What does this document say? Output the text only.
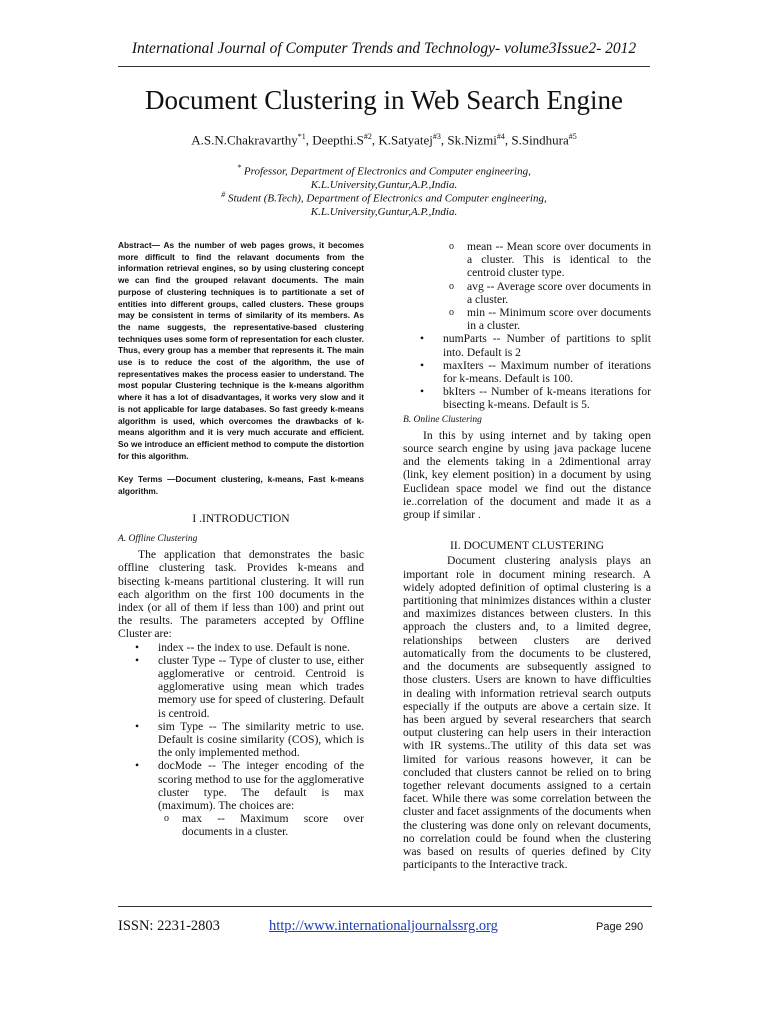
International Journal of Computer Trends and Technology- volume3Issue2- 2012
Document Clustering in Web Search Engine
A.S.N.Chakravarthy$^{*1}$, $Deepthi.S^{\#2}$, K.Satyatej$^{\#3}$, Sk.Nizmi$^{\#4}$, S.Sindhura$^{\#5}$
* Professor, Department of Electronics and Computer engineering,
K.L.University,Guntur,A.P.,India.
# Student (B.Tech), Department of Electronics and Computer engineering,
K.L.University,Guntur,A.P.,India.

Abstract— As the number of web pages grows, it becomes more difficult to find the relavant documents from the information retrieval engines, so by using clustering concept we can find the grouped relavant documents. The main purpose of clustering techniques is to partitionate a set of entities into different groups, called clusters. These groups may be consistent in terms of similarity of its members. As the name suggests, the representative-based clustering techniques uses some form of representation for each cluster. Thus, every group has a member that represents it. The main use is to reduce the cost of the algorithm, the use of representatives makes the process easier to understand. The most popular Clustering technique is the k-means algorithm where it has a lot of disadvantages, it works very slow and it is not applicable for large databases. So fast greedy k-means algorithm is used, which overcomes the drawbacks of k-means algorithm and it is very much accurate and efficient. So we introduce an efficient method to compute the distortion for this algorithm.

Key Terms —Document clustering, k-means, Fast k-means algorithm.

I .INTRODUCTION
A. Offline Clustering

The application that demonstrates the basic offline clustering task. Provides k-means and bisecting k-means partitional clustering. It will run each algorithm on the first 100 documents in the index (or all of them if less than 100) and print out the results. The parameters accepted by Offline Cluster are:

• index -- the index to use. Default is none.
• cluster Type -- Type of cluster to use, either agglomerative or centroid. Centroid is agglomerative using mean which trades memory use for speed of clustering. Default is centroid.
• sim Type -- The similarity metric to use. Default is cosine similarity (COS), which is the only implemented method.
• docMode -- The integer encoding of the scoring method to use for the agglomerative cluster type. The default is max (maximum). The choices are:
o max -- Maximum score over documents in a cluster.
o mean -- Mean score over documents in a cluster. This is identical to the centroid cluster type.
o avg -- Average score over documents in a cluster.
o min -- Minimum score over documents in a cluster.
• numParts -- Number of partitions to split into. Default is 2
• maxIters -- Maximum number of iterations for k-means. Default is 100.
• bkIters -- Number of k-means iterations for bisecting k-means. Default is 5.
B. Online Clustering

In this by using internet and by taking open source search engine by using java package lucene and the elements taking in a 2dimentional array (link, key element position) in a document by using Euclidean space model we find out the distance ie..correlation of the document and made it as a group if similar .

II. DOCUMENT CLUSTERING

Document clustering analysis plays an important role in document mining research. A widely adopted definition of optimal clustering is a partitioning that minimizes distances within a cluster and maximizes distances between clusters. In this approach the clusters and, to a limited degree, relationships between clusters are derived automatically from the documents to be clustered, and the documents are subsequently assigned to those clusters. Users are known to have difficulties in dealing with information retrieval search outputs especially if the outputs are above a certain size. It has been argued by several researchers that search output clustering can help users in their interaction with IR systems..The utility of this data set was limited for various reasons however, it can be concluded that clusters cannot be relied on to bring together relevant documents assigned to a certain facet. While there was some correlation between the cluster and facet assignments of the documents when the clustering was done only on relevant documents, no correlation could be found when the clustering was based on results of queries defined by City participants to the Interactive track.

ISSN: 2231-2803	http://www.internationaljournalssrg.org	Page 290
